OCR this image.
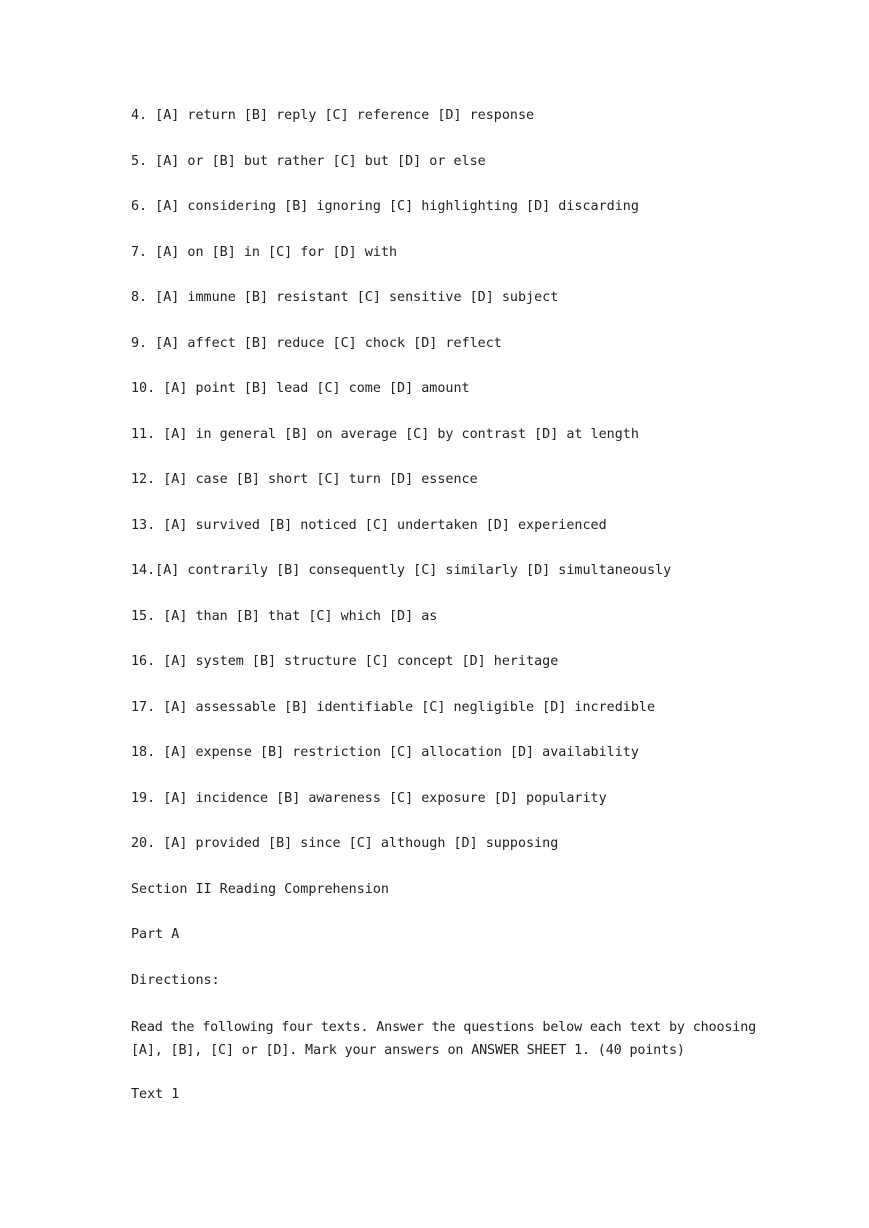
4. [A] return [B] reply [C] reference [D] response
5. [A] or [B] but rather [C] but [D] or else
6. [A] considering [B] ignoring [C] highlighting [D] discarding
7. [A] on [B] in [C] for [D] with
8. [A] immune [B] resistant [C] sensitive [D] subject
9. [A] affect [B] reduce [C] chock [D] reflect
10. [A] point [B] lead [C] come [D] amount
11. [A] in general [B] on average [C] by contrast [D] at length
12. [A] case [B] short [C] turn [D] essence
13. [A] survived [B] noticed [C] undertaken [D] experienced
14.[A] contrarily [B] consequently [C] similarly [D] simultaneously
15. [A] than [B] that [C] which [D] as
16. [A] system [B] structure [C] concept [D] heritage
17. [A] assessable [B] identifiable [C] negligible [D] incredible
18. [A] expense [B] restriction [C] allocation [D] availability
19. [A] incidence [B] awareness [C] exposure [D] popularity
20. [A] provided [B] since [C] although [D] supposing
Section II Reading Comprehension
Part A
Directions:
Read the following four texts. Answer the questions below each text by choosing [A], [B], [C] or [D]. Mark your answers on ANSWER SHEET 1. (40 points)
Text 1
